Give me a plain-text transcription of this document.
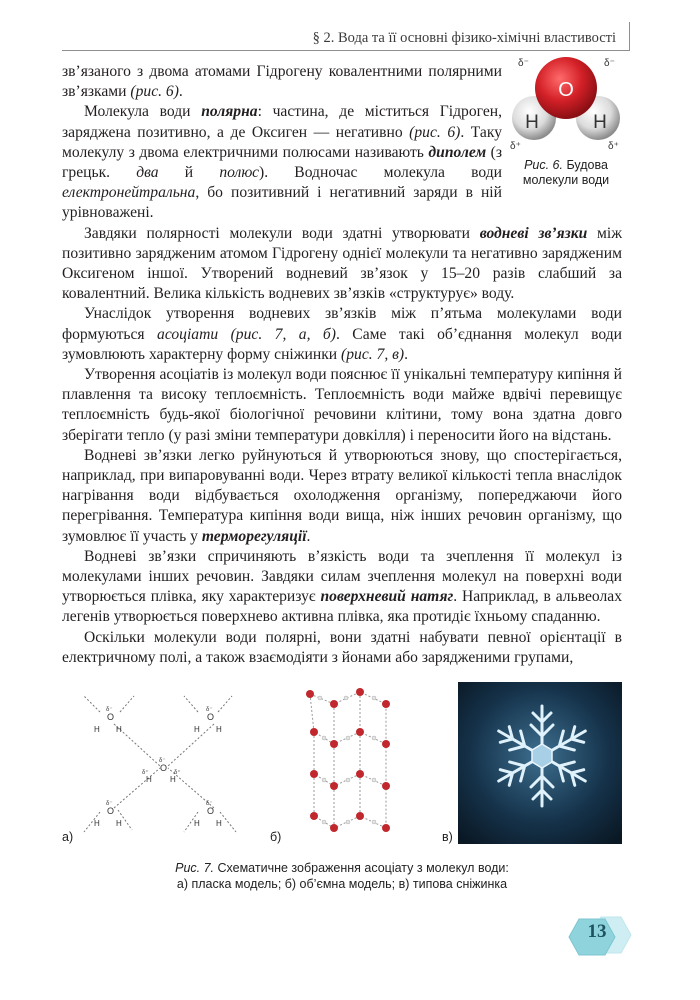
§ 2. Вода та її основні фізико-хімічні властивості
O
H	H
δ⁻	δ⁻
δ⁺	δ⁺
Рис. 6. Будова молекули води

зв’язаного з двома атомами Гідрогену ковалентними полярними зв’язками (рис. 6).

Молекула води полярна: частина, де міститься Гідроген, заряджена позитивно, а де Оксиген — негативно (рис. 6). Таку молекулу з двома електричними полюсами називають диполем (з грецьк. два й полюс). Водночас молекула води електронейтральна, бо позитивний і негативний заряди в ній урівноважені.

Завдяки полярності молекули води здатні утворювати водневі зв’язки між позитивно зарядженим атомом Гідрогену однієї молекули та негативно зарядженим Оксигеном іншої. Утворений водневий зв’язок у 15–20 разів слабший за ковалентний. Велика кількість водневих зв’язків «структурує» воду.

Унаслідок утворення водневих зв’язків між п’ятьма молекулами води формуються асоціати (рис. 7, а, б). Саме такі об’єднання молекул води зумовлюють характерну форму сніжинки (рис. 7, в).

Утворення асоціатів із молекул води пояснює її унікальні температуру кипіння й плавлення та високу теплоємність. Теплоємність води майже вдвічі перевищує теплоємність будь-якої біологічної речовини клітини, тому вона здатна довго зберігати тепло (у разі зміни температури довкілля) і переносити його на відстань.

Водневі зв’язки легко руйнуються й утворюються знову, що спостерігається, наприклад, при випаровуванні води. Через втрату великої кількості тепла внаслідок нагрівання води відбувається охолодження організму, попереджаючи його перегрівання. Температура кипіння води вища, ніж інших речовин організму, що зумовлює її участь у терморегуляції.

Водневі зв’язки спричиняють в’язкість води та зчеплення її молекул із молекулами інших речовин. Завдяки силам зчеплення молекул на поверхні води утворюється плівка, яку характеризує поверхневий натяг. Наприклад, в альвеолах легенів утворюється поверхнево активна плівка, яка протидіє їхньому спаданню.

Оскільки молекули води полярні, вони здатні набувати певної орієнтації в електричному полі, а також взаємодіяти з йонами або зарядженими групами,

O
δ⁻
H H
O
δ⁻
H H
O
δ⁻
H H
δ⁺	δ⁺
O
δ⁻
H H
O
δ⁻
H H
а)	б)	в)
Рис. 7. Схематичне зображення асоціату з молекул води:
а) пласка модель; б) об’ємна модель; в) типова сніжинка
13
